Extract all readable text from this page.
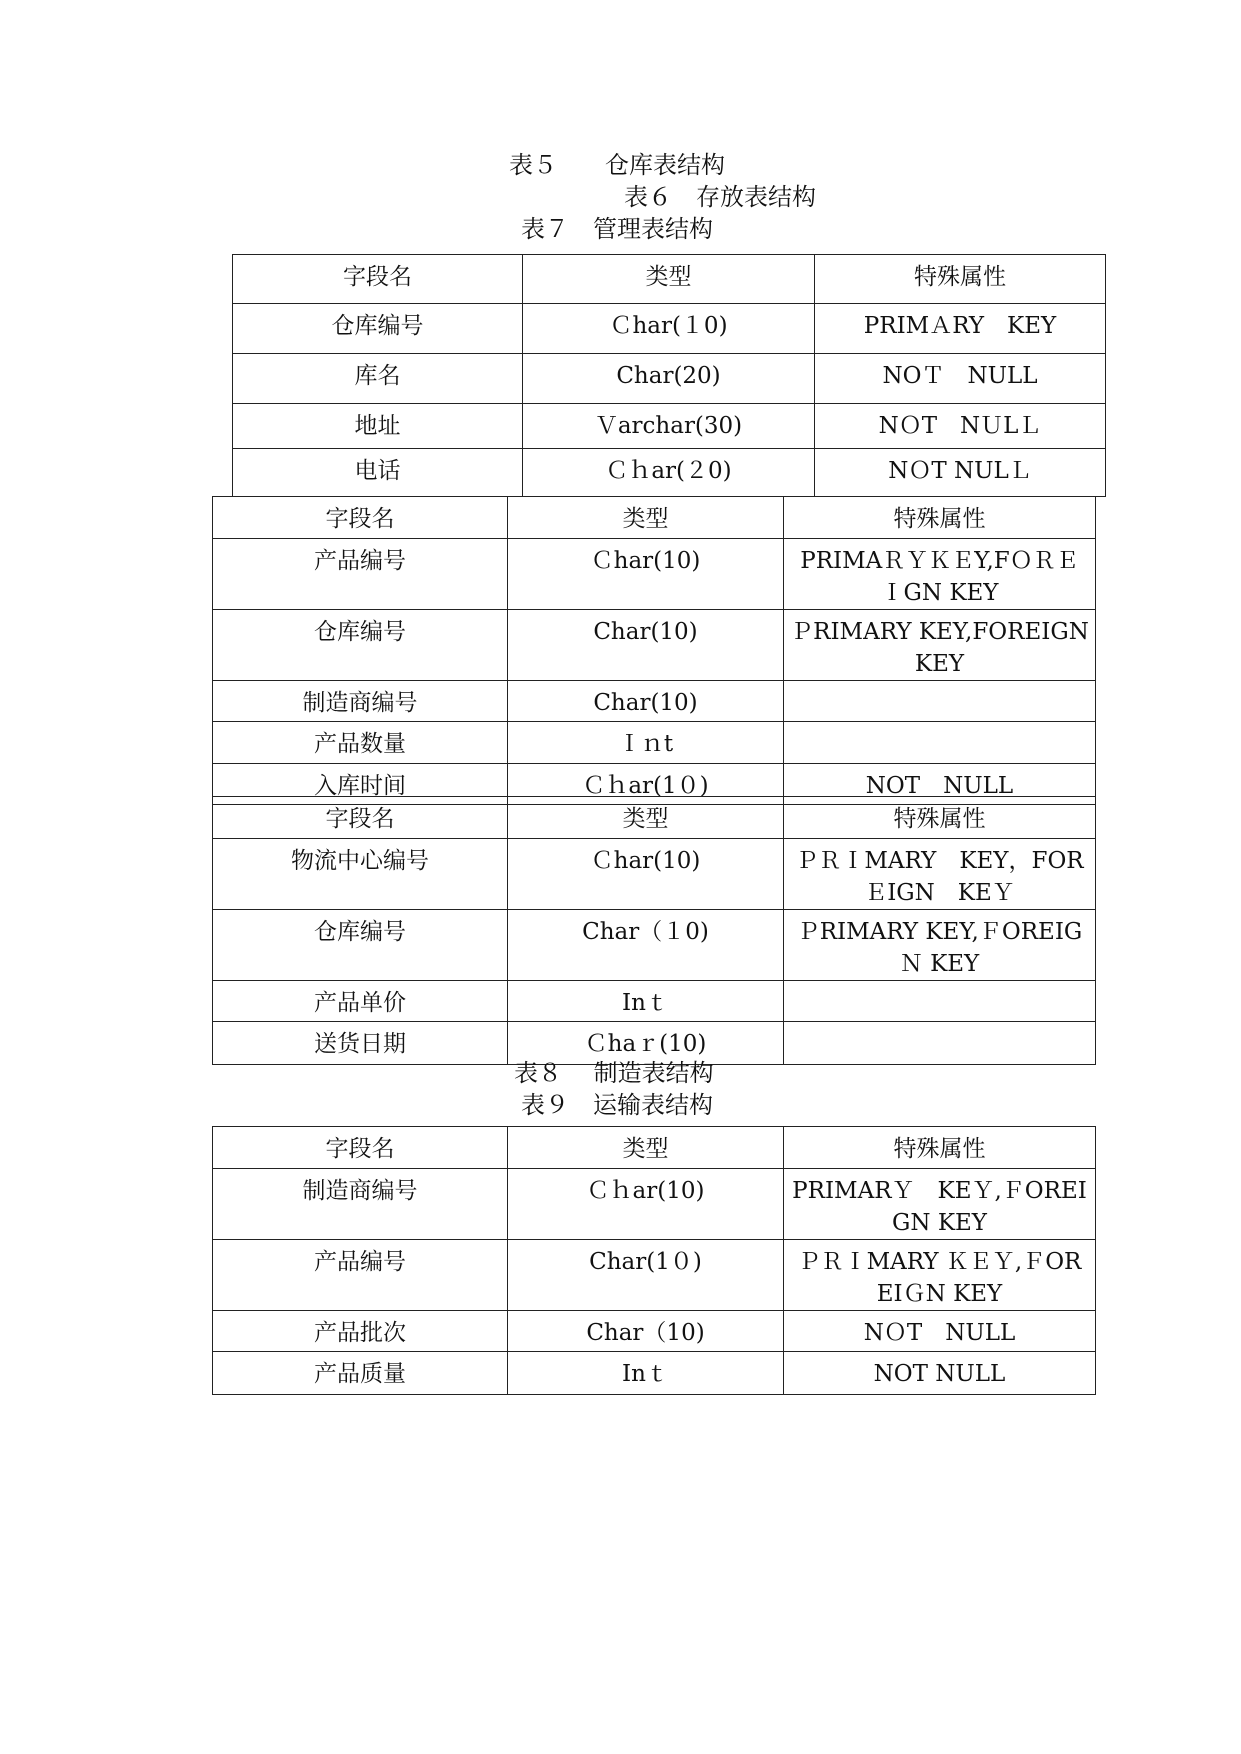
表５　　仓库表结构

表６　存放表结构

表７　管理表结构

字段名	类型	特殊属性
仓库编号	Ｃhar(１0)	PRIMＡRY　KEY
库名	Char(20)	NOＴ　NULL
地址	Ｖarchar(30)	NＯT　NＵLＬ
电话	Ｃｈar(２0)	NＯT NULＬ
字段名	类型	特殊属性
产品编号	Ｃhar(10)	PRIMAＲＹＫＥY,FＯＲＥＩGN KEY
仓库编号	Char(10)	ＰRIMARY KEY,FOREIGN KEY
制造商编号	Char(10)	
产品数量	Ｉｎt	
入库时间	Ｃｈar(1０)	NOT　NULL
字段名	类型	特殊属性
物流中心编号	Ｃhar(10)	ＰＲＩMARY　KEY，FORＥIGN　KEＹ
仓库编号	Char（１0)	ＰRIMARY KEY,ＦOREIGＮ KEY
产品单价	Inｔ	
送货日期	Ｃhaｒ(10)	

表８　 制造表结构

表９　运输表结构

字段名	类型	特殊属性
制造商编号	Ｃｈar(10)	PRIMARＹ　KEＹ,ＦOREIGN KEY
产品编号	Char(1０)	ＰＲＩMARY ＫＥＹ,ＦOREIＧN KEY
产品批次	Char（10)	NＯT　NULL
产品质量	Inｔ	NOT NULL
